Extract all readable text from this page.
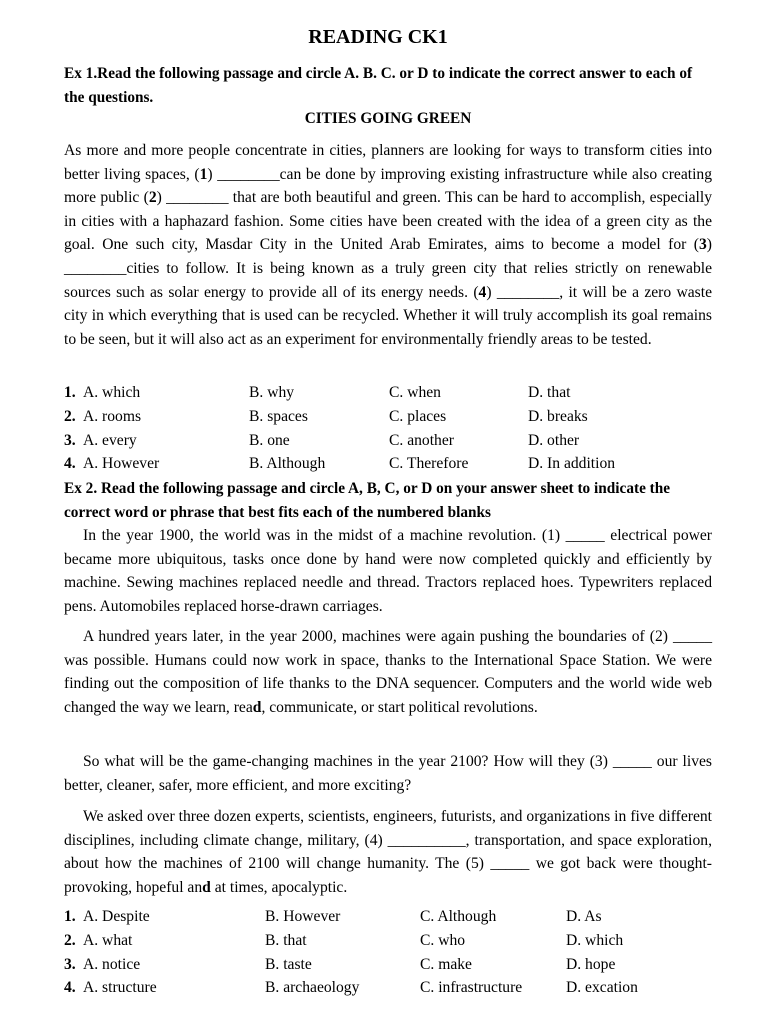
READING CK1
Ex 1.Read the following passage and circle A. B. C. or D to indicate the correct answer to each of the questions.
CITIES GOING GREEN
As more and more people concentrate in cities, planners are looking for ways to transform cities into better living spaces, (1) ________can be done by improving existing infrastructure while also creating more public (2) ________ that are both beautiful and green. This can be hard to accomplish, especially in cities with a haphazard fashion. Some cities have been created with the idea of a green city as the goal. One such city, Masdar City in the United Arab Emirates, aims to become a model for (3) ________cities to follow. It is being known as a truly green city that relies strictly on renewable sources such as solar energy to provide all of its energy needs. (4) ________, it will be a zero waste city in which everything that is used can be recycled. Whether it will truly accomplish its goal remains to be seen, but it will also act as an experiment for environmentally friendly areas to be tested.
1. A. which	B. why	C. when	D. that
2. A. rooms	B. spaces	C. places	D. breaks
3. A. every	B. one	C. another	D. other
4. A. However	B. Although	C. Therefore	D. In addition
Ex 2. Read the following passage and circle A, B, C, or D on your answer sheet to indicate the correct word or phrase that best fits each of the numbered blanks
In the year 1900, the world was in the midst of a machine revolution. (1) _____ electrical power became more ubiquitous, tasks once done by hand were now completed quickly and efficiently by machine. Sewing machines replaced needle and thread. Tractors replaced hoes. Typewriters replaced pens. Automobiles replaced horse-drawn carriages.
A hundred years later, in the year 2000, machines were again pushing the boundaries of (2) _____ was possible. Humans could now work in space, thanks to the International Space Station. We were finding out the composition of life thanks to the DNA sequencer. Computers and the world wide web changed the way we learn, read, communicate, or start political revolutions.
So what will be the game-changing machines in the year 2100? How will they (3) _____ our lives better, cleaner, safer, more efficient, and more exciting?
We asked over three dozen experts, scientists, engineers, futurists, and organizations in five different disciplines, including climate change, military, (4) __________, transportation, and space exploration, about how the machines of 2100 will change humanity. The (5) _____ we got back were thought-provoking, hopeful and at times, apocalyptic.
1. A. Despite	B. However	C. Although	D. As
2. A. what	B. that	C. who	D. which
3. A. notice	B. taste	C. make	D. hope
4. A. structure	B. archaeology	C. infrastructure	D. excation
